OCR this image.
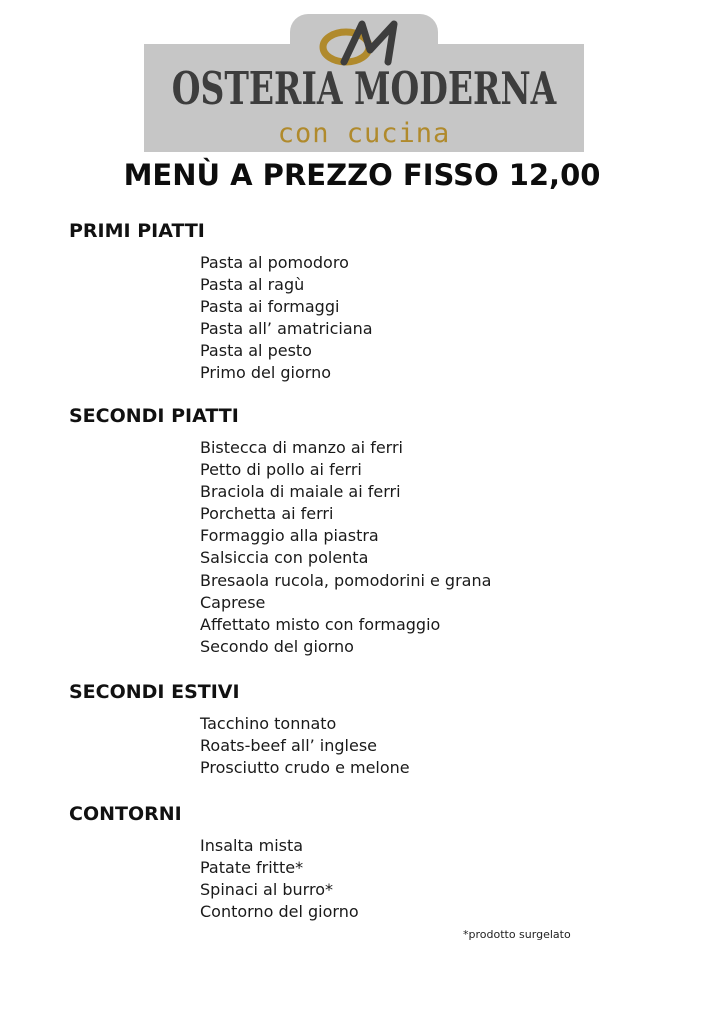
OSTERIA MODERNA
con cucina
MENÙ A PREZZO FISSO 12,00
PRIMI PIATTI
Pasta al pomodoro
Pasta al ragù
Pasta ai formaggi
Pasta all’ amatriciana
Pasta al pesto
Primo del giorno
SECONDI PIATTI
Bistecca di manzo ai ferri
Petto di pollo ai ferri
Braciola di maiale ai ferri
Porchetta ai ferri
Formaggio alla piastra
Salsiccia con polenta
Bresaola rucola, pomodorini e grana
Caprese
Affettato misto con formaggio
Secondo del giorno
SECONDI ESTIVI
Tacchino tonnato
Roats-beef all’ inglese
Prosciutto crudo e melone
CONTORNI
Insalta mista
Patate fritte*
Spinaci al burro*
Contorno del giorno
*prodotto surgelato
